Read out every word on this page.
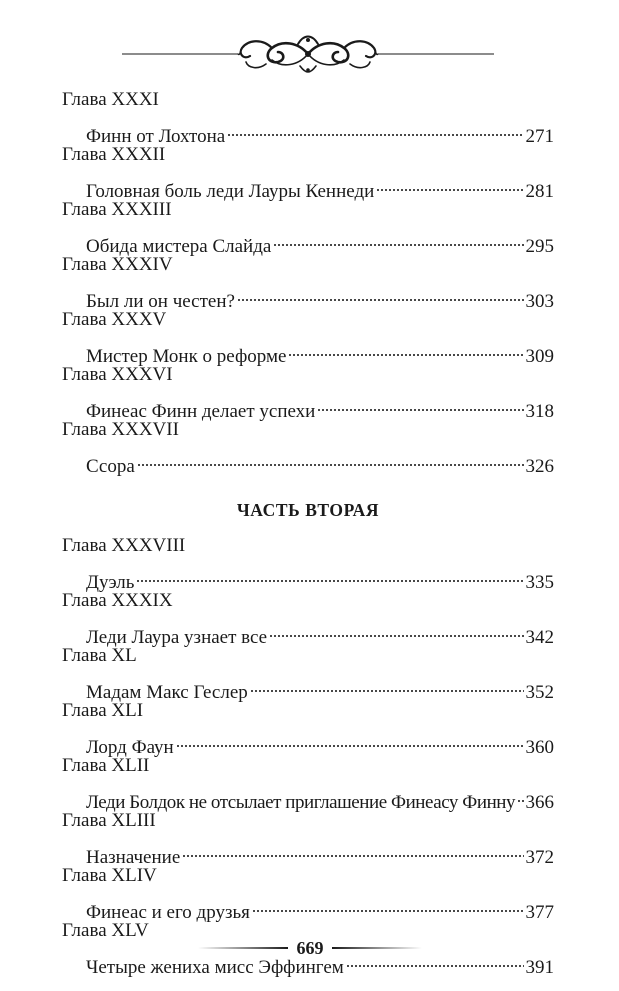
Глава XXXI
Финн от Лохтона	271
Глава XXXII
Головная боль леди Лауры Кеннеди	281
Глава XXXIII
Обида мистера Слайда	295
Глава XXXIV
Был ли он честен?	303
Глава XXXV
Мистер Монк о реформе	309
Глава XXXVI
Финеас Финн делает успехи	318
Глава XXXVII
Ссора	326
ЧАСТЬ ВТОРАЯ
Глава XXXVIII
Дуэль	335
Глава XXXIX
Леди Лаура узнает все	342
Глава XL
Мадам Макс Геслер	352
Глава XLI
Лорд Фаун	360
Глава XLII
Леди Болдок не отсылает приглашение Финеасу Финну 366
Глава XLIII
Назначение	372
Глава XLIV
Финеас и его друзья	377
Глава XLV
Четыре жениха мисс Эффингем	391
669
